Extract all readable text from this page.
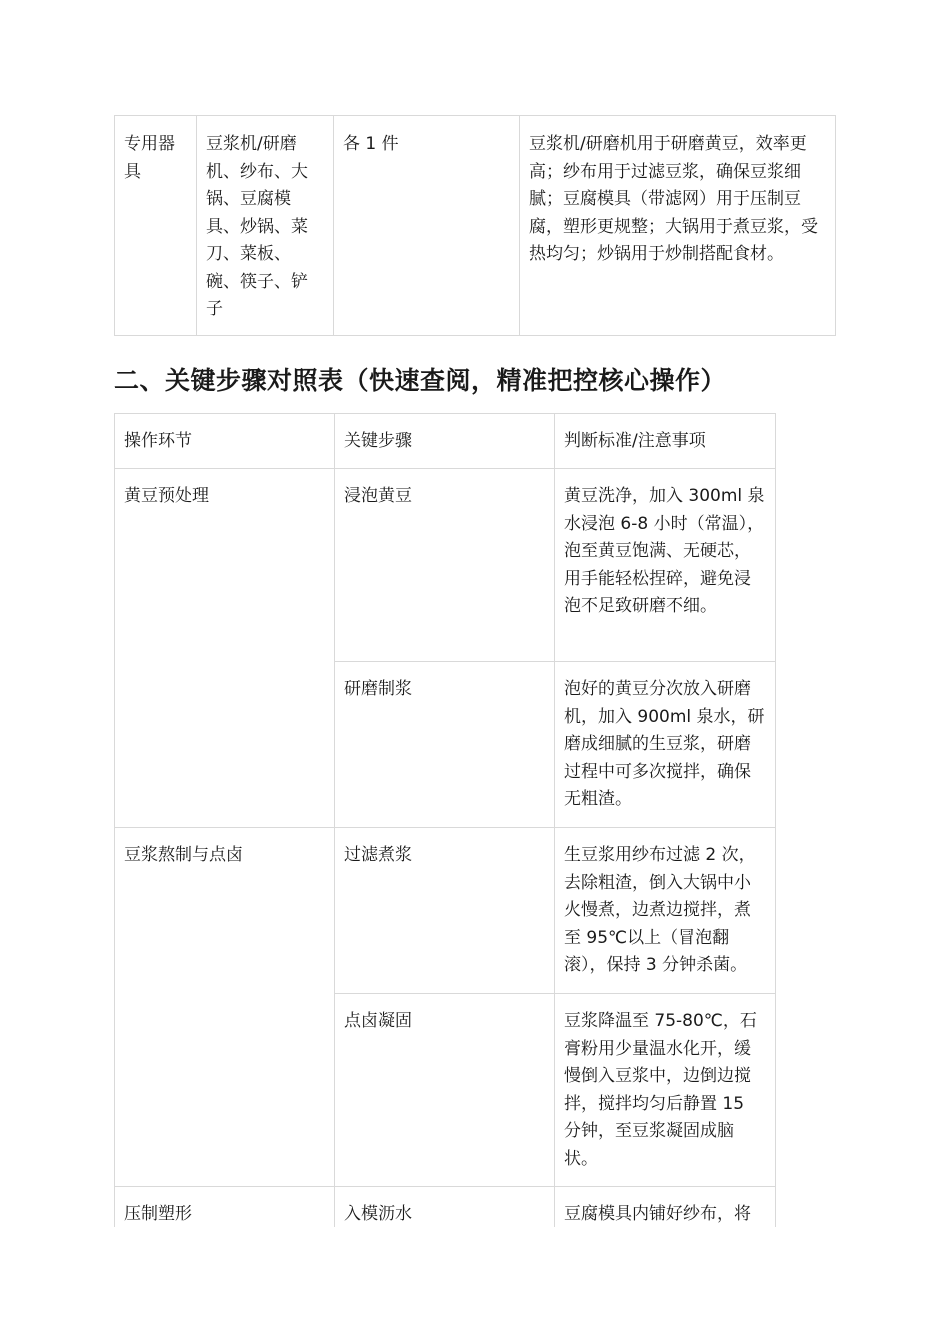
专用器具	豆浆机/研磨机、纱布、大锅、豆腐模具、炒锅、菜刀、菜板、碗、筷子、铲子	各 1 件	豆浆机/研磨机用于研磨黄豆，效率更高；纱布用于过滤豆浆，确保豆浆细腻；豆腐模具（带滤网）用于压制豆腐，塑形更规整；大锅用于煮豆浆，受热均匀；炒锅用于炒制搭配食材。
二、关键步骤对照表（快速查阅，精准把控核心操作）
操作环节	关键步骤	判断标准/注意事项
黄豆预处理	浸泡黄豆	黄豆洗净，加入 300ml 泉水浸泡 6-8 小时（常温），泡至黄豆饱满、无硬芯，用手能轻松捏碎，避免浸泡不足致研磨不细。
	研磨制浆	泡好的黄豆分次放入研磨机，加入 900ml 泉水，研磨成细腻的生豆浆，研磨过程中可多次搅拌，确保无粗渣。
豆浆熬制与点卤	过滤煮浆	生豆浆用纱布过滤 2 次，去除粗渣，倒入大锅中小火慢煮，边煮边搅拌，煮至 95℃以上（冒泡翻滚），保持 3 分钟杀菌。
	点卤凝固	豆浆降温至 75-80℃，石膏粉用少量温水化开，缓慢倒入豆浆中，边倒边搅拌，搅拌均匀后静置 15 分钟，至豆浆凝固成脑状。
压制塑形	入模沥水	豆腐模具内铺好纱布，将
